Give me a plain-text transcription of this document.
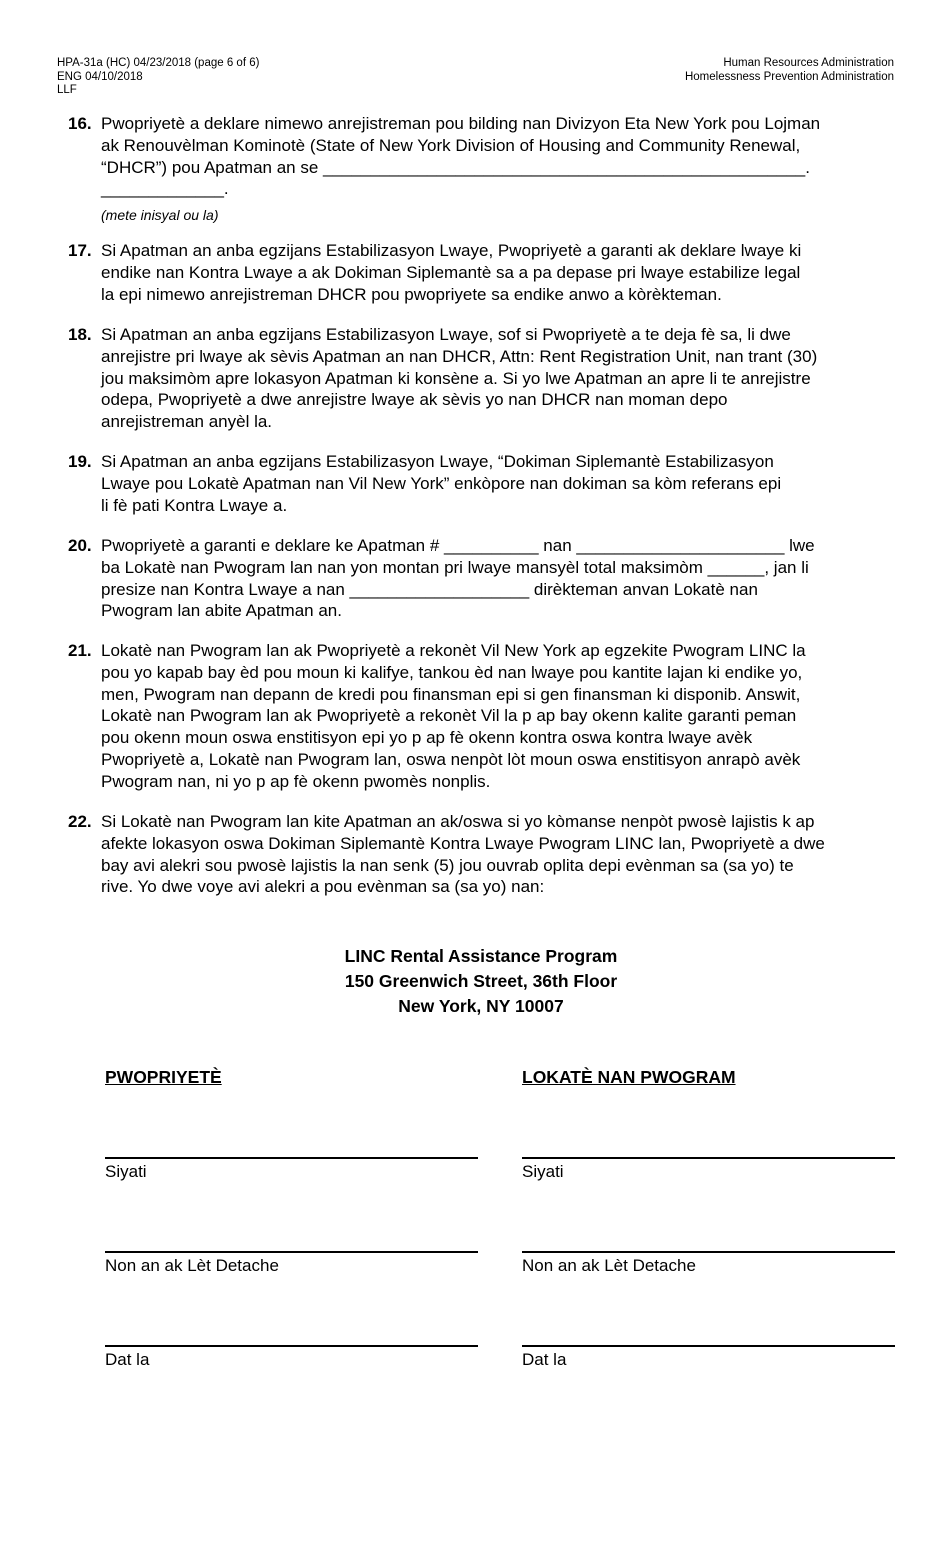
HPA-31a (HC) 04/23/2018 (page 6 of 6)
ENG 04/10/2018
LLF
Human Resources Administration
Homelessness Prevention Administration
16. Pwopriyetè a deklare nimewo anrejistreman pou bilding nan Divizyon Eta New York pou Lojman
ak Renouvèlman Kominotè (State of New York Division of Housing and Community Renewal,
“DHCR”) pou Apatman an se ___________________________________________________.
_____________.
(mete inisyal ou la)
17. Si Apatman an anba egzijans Estabilizasyon Lwaye, Pwopriyetè a garanti ak deklare lwaye ki
endike nan Kontra Lwaye a ak Dokiman Siplemantè sa a pa depase pri lwaye estabilize legal
la epi nimewo anrejistreman DHCR pou pwopriyete sa endike anwo a kòrèkteman.
18. Si Apatman an anba egzijans Estabilizasyon Lwaye, sof si Pwopriyetè a te deja fè sa, li dwe
anrejistre pri lwaye ak sèvis Apatman an nan DHCR, Attn: Rent Registration Unit, nan trant (30)
jou maksimòm apre lokasyon Apatman ki konsène a. Si yo lwe Apatman an apre li te anrejistre
odepa, Pwopriyetè a dwe anrejistre lwaye ak sèvis yo nan DHCR nan moman depo
anrejistreman anyèl la.
19. Si Apatman an anba egzijans Estabilizasyon Lwaye, “Dokiman Siplemantè Estabilizasyon
Lwaye pou Lokatè Apatman nan Vil New York” enkòpore nan dokiman sa kòm referans epi
li fè pati Kontra Lwaye a.
20. Pwopriyetè a garanti e deklare ke Apatman # __________ nan ______________________ lwe
ba Lokatè nan Pwogram lan nan yon montan pri lwaye mansyèl total maksimòm ______, jan li
presize nan Kontra Lwaye a nan ___________________ dirèkteman anvan Lokatè nan
Pwogram lan abite Apatman an.
21. Lokatè nan Pwogram lan ak Pwopriyetè a rekonèt Vil New York ap egzekite Pwogram LINC la
pou yo kapab bay èd pou moun ki kalifye, tankou èd nan lwaye pou kantite lajan ki endike yo,
men, Pwogram nan depann de kredi pou finansman epi si gen finansman ki disponib. Answit,
Lokatè nan Pwogram lan ak Pwopriyetè a rekonèt Vil la p ap bay okenn kalite garanti peman
pou okenn moun oswa enstitisyon epi yo p ap fè okenn kontra oswa kontra lwaye avèk
Pwopriyetè a, Lokatè nan Pwogram lan, oswa nenpòt lòt moun oswa enstitisyon anrapò avèk
Pwogram nan, ni yo p ap fè okenn pwomès nonplis.
22. Si Lokatè nan Pwogram lan kite Apatman an ak/oswa si yo kòmanse nenpòt pwosè lajistis k ap
afekte lokasyon oswa Dokiman Siplemantè Kontra Lwaye Pwogram LINC lan, Pwopriyetè a dwe
bay avi alekri sou pwosè lajistis la nan senk (5) jou ouvrab oplita depi evènman sa (sa yo) te
rive. Yo dwe voye avi alekri a pou evènman sa (sa yo) nan:
LINC Rental Assistance Program
150 Greenwich Street, 36th Floor
New York, NY 10007
PWOPRIYETÈ
Siyati
Non an ak Lèt Detache
Dat la
LOKATÈ NAN PWOGRAM
Siyati
Non an ak Lèt Detache
Dat la
